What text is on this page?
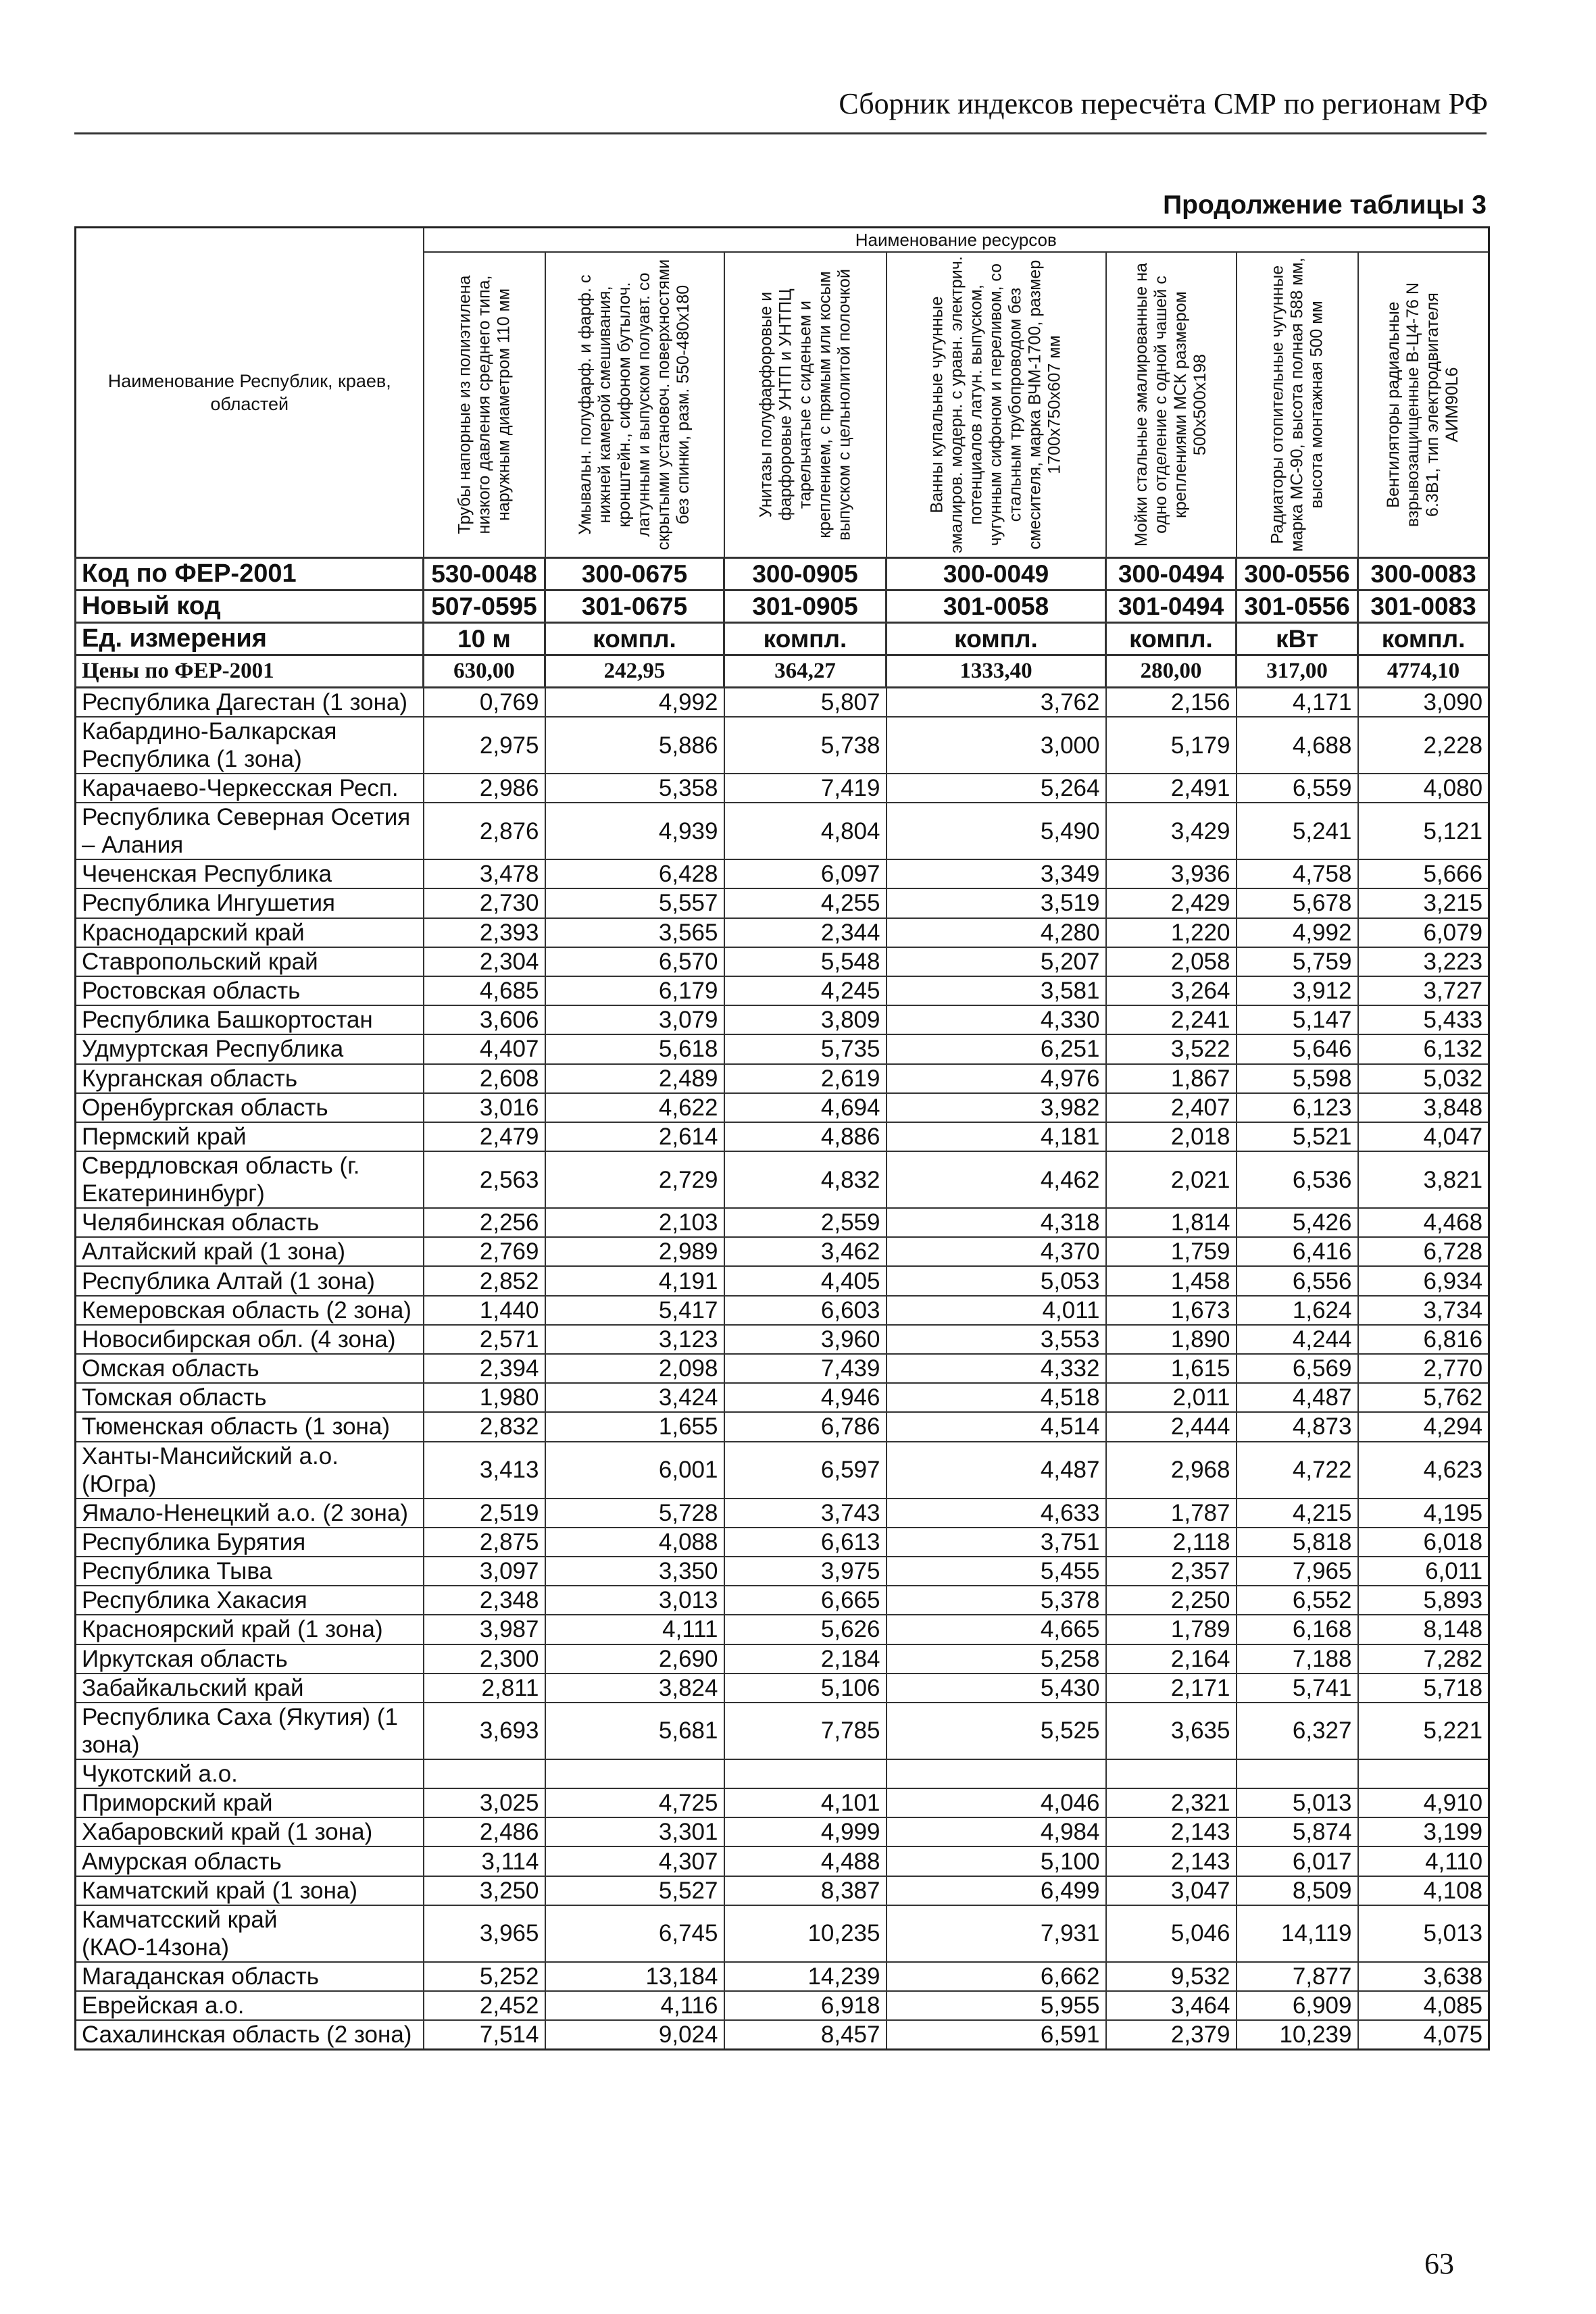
Сборник индексов пересчёта СМР по регионам РФ
Продолжение таблицы 3
Наименование Республик, краев, областей	Наименование ресурсов						

	Трубы напорные из полиэтилена низкого давления среднего типа, наружным диаметром 110 мм	Умывальн. полуфарф. и фарф. с нижней камерой смешивания, кронштейн., сифоном бутылоч. латунным и выпуском полуавт. со скрытыми установоч. поверхностями без спинки, разм. 550-480х180	Унитазы полуфарфоровые и фарфоровые УНТП и УНТПЦ тарельчатые с сиденьем и креплением, с прямым или косым выпуском с цельнолитой полочкой	Ванны купальные чугунные эмалиров. модерн. с уравн. электрич. потенциалов латун. выпуском, чугунным сифоном и переливом, со стальным трубопроводом без смесителя, марка ВЧМ-1700, размер 1700х750х607 мм	Мойки стальные эмалированные на одно отделение с одной чашей с креплениями МСК размером 500х500х198	Радиаторы отопительные чугунные марка МС-90, высота полная 588 мм, высота монтажная 500 мм	Вентиляторы радиальные взрывозащищенные В-Ц4-76 N 6.3В1, тип электродвигателя АИМ90L6

Код по ФЕР-2001	530-0048	300-0675	300-0905	300-0049	300-0494	300-0556	300-0083
Новый код	507-0595	301-0675	301-0905	301-0058	301-0494	301-0556	301-0083
Ед. измерения	10 м	компл.	компл.	компл.	компл.	кВт	компл.
Цены по ФЕР-2001	630,00	242,95	364,27	1333,40	280,00	317,00	4774,10
Республика Дагестан (1 зона)	0,769	4,992	5,807	3,762	2,156	4,171	3,090
Кабардино-Балкарская Республика (1 зона)	2,975	5,886	5,738	3,000	5,179	4,688	2,228
Карачаево-Черкесская Респ.	2,986	5,358	7,419	5,264	2,491	6,559	4,080
Республика Северная Осетия – Алания	2,876	4,939	4,804	5,490	3,429	5,241	5,121
Чеченская Республика	3,478	6,428	6,097	3,349	3,936	4,758	5,666
Республика Ингушетия	2,730	5,557	4,255	3,519	2,429	5,678	3,215
Краснодарский край	2,393	3,565	2,344	4,280	1,220	4,992	6,079
Ставропольский край	2,304	6,570	5,548	5,207	2,058	5,759	3,223
Ростовская область	4,685	6,179	4,245	3,581	3,264	3,912	3,727
Республика Башкортостан	3,606	3,079	3,809	4,330	2,241	5,147	5,433
Удмуртская Республика	4,407	5,618	5,735	6,251	3,522	5,646	6,132
Курганская область	2,608	2,489	2,619	4,976	1,867	5,598	5,032
Оренбургская область	3,016	4,622	4,694	3,982	2,407	6,123	3,848
Пермский край	2,479	2,614	4,886	4,181	2,018	5,521	4,047
Свердловская область (г. Екатерининбург)	2,563	2,729	4,832	4,462	2,021	6,536	3,821
Челябинская область	2,256	2,103	2,559	4,318	1,814	5,426	4,468
Алтайский край (1 зона)	2,769	2,989	3,462	4,370	1,759	6,416	6,728
Республика Алтай (1 зона)	2,852	4,191	4,405	5,053	1,458	6,556	6,934
Кемеровская область (2 зона)	1,440	5,417	6,603	4,011	1,673	1,624	3,734
Новосибирская обл. (4 зона)	2,571	3,123	3,960	3,553	1,890	4,244	6,816
Омская область	2,394	2,098	7,439	4,332	1,615	6,569	2,770
Томская область	1,980	3,424	4,946	4,518	2,011	4,487	5,762
Тюменская область (1 зона)	2,832	1,655	6,786	4,514	2,444	4,873	4,294
Ханты-Мансийский а.о. (Югра)	3,413	6,001	6,597	4,487	2,968	4,722	4,623
Ямало-Ненецкий а.о. (2 зона)	2,519	5,728	3,743	4,633	1,787	4,215	4,195
Республика Бурятия	2,875	4,088	6,613	3,751	2,118	5,818	6,018
Республика Тыва	3,097	3,350	3,975	5,455	2,357	7,965	6,011
Республика Хакасия	2,348	3,013	6,665	5,378	2,250	6,552	5,893
Красноярский край (1 зона)	3,987	4,111	5,626	4,665	1,789	6,168	8,148
Иркутская область	2,300	2,690	2,184	5,258	2,164	7,188	7,282
Забайкальский край	2,811	3,824	5,106	5,430	2,171	5,741	5,718
Республика Саха (Якутия) (1 зона)	3,693	5,681	7,785	5,525	3,635	6,327	5,221
Чукотский а.о.							
Приморский край	3,025	4,725	4,101	4,046	2,321	5,013	4,910
Хабаровский край (1 зона)	2,486	3,301	4,999	4,984	2,143	5,874	3,199
Амурская область	3,114	4,307	4,488	5,100	2,143	6,017	4,110
Камчатский край (1 зона)	3,250	5,527	8,387	6,499	3,047	8,509	4,108
Камчатсский край (КАО-14зона)	3,965	6,745	10,235	7,931	5,046	14,119	5,013
Магаданская область	5,252	13,184	14,239	6,662	9,532	7,877	3,638
Еврейская а.о.	2,452	4,116	6,918	5,955	3,464	6,909	4,085
Сахалинская область (2 зона)	7,514	9,024	8,457	6,591	2,379	10,239	4,075
63
